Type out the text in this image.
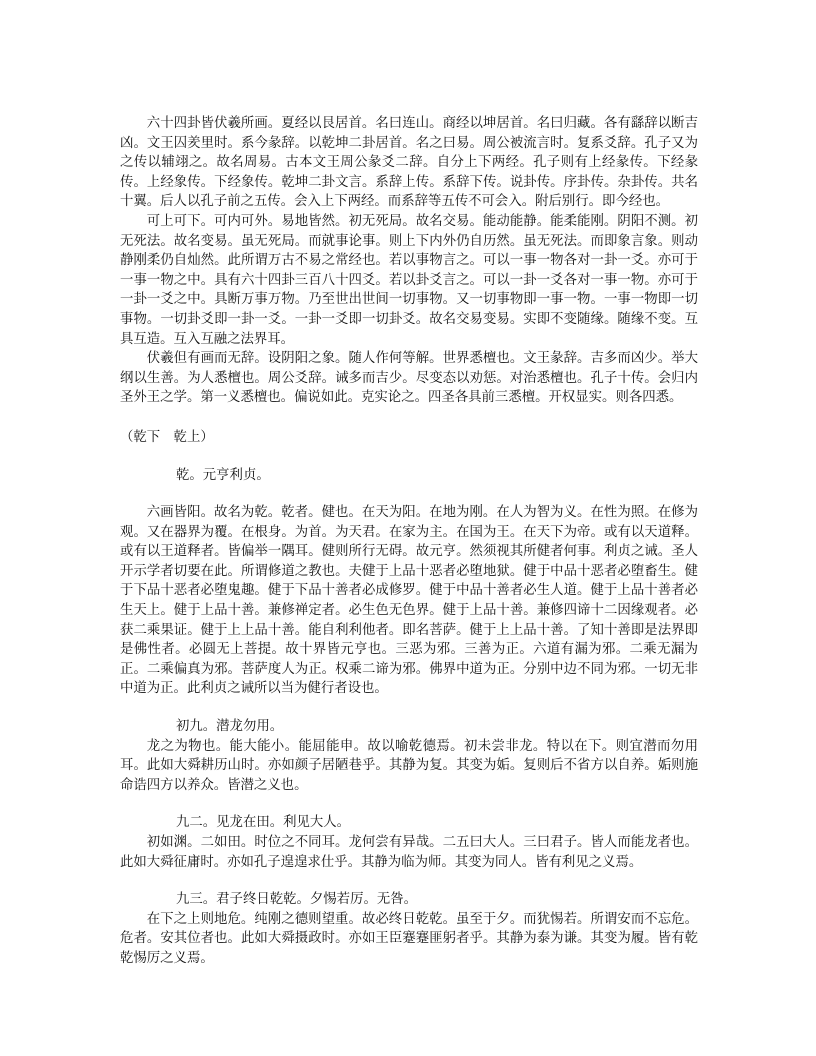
六十四卦皆伏羲所画。夏经以艮居首。名曰连山。商经以坤居首。名曰归藏。各有繇辞以断吉凶。文王囚羑里时。系今彖辞。以乾坤二卦居首。名之曰易。周公被流言时。复系爻辞。孔子又为之传以辅翊之。故名周易。古本文王周公彖爻二辞。自分上下两经。孔子则有上经彖传。下经彖传。上经象传。下经象传。乾坤二卦文言。系辞上传。系辞下传。说卦传。序卦传。杂卦传。共名十翼。后人以孔子前之五传。会入上下两经。而系辞等五传不可会入。附后别行。即今经也。

可上可下。可内可外。易地皆然。初无死局。故名交易。能动能静。能柔能刚。阴阳不测。初无死法。故名变易。虽无死局。而就事论事。则上下内外仍自历然。虽无死法。而即象言象。则动静刚柔仍自灿然。此所谓万古不易之常经也。若以事物言之。可以一事一物各对一卦一爻。亦可于一事一物之中。具有六十四卦三百八十四爻。若以卦爻言之。可以一卦一爻各对一事一物。亦可于一卦一爻之中。具断万事万物。乃至世出世间一切事物。又一切事物即一事一物。一事一物即一切事物。一切卦爻即一卦一爻。一卦一爻即一切卦爻。故名交易变易。实即不变随缘。随缘不变。互具互造。互入互融之法界耳。

伏羲但有画而无辞。设阴阳之象。随人作何等解。世界悉檀也。文王彖辞。吉多而凶少。举大纲以生善。为人悉檀也。周公爻辞。诫多而吉少。尽变态以劝惩。对治悉檀也。孔子十传。会归内圣外王之学。第一义悉檀也。偏说如此。克实论之。四圣各具前三悉檀。开权显实。则各四悉。

（乾下　乾上）

乾。元亨利贞。

六画皆阳。故名为乾。乾者。健也。在天为阳。在地为刚。在人为智为义。在性为照。在修为观。又在器界为覆。在根身。为首。为天君。在家为主。在国为王。在天下为帝。或有以天道释。或有以王道释者。皆偏举一隅耳。健则所行无碍。故元亨。然须视其所健者何事。利贞之诫。圣人开示学者切要在此。所谓修道之教也。夫健于上品十恶者必堕地狱。健于中品十恶者必堕畜生。健于下品十恶者必堕鬼趣。健于下品十善者必成修罗。健于中品十善者必生人道。健于上品十善者必生天上。健于上品十善。兼修禅定者。必生色无色界。健于上品十善。兼修四谛十二因缘观者。必获二乘果证。健于上上品十善。能自利利他者。即名菩萨。健于上上品十善。了知十善即是法界即是佛性者。必圆无上菩提。故十界皆元亨也。三恶为邪。三善为正。六道有漏为邪。二乘无漏为正。二乘偏真为邪。菩萨度人为正。权乘二谛为邪。佛界中道为正。分别中边不同为邪。一切无非中道为正。此利贞之诫所以当为健行者设也。

初九。潜龙勿用。

龙之为物也。能大能小。能屈能申。故以喻乾德焉。初未尝非龙。特以在下。则宜潜而勿用耳。此如大舜耕历山时。亦如颜子居陋巷乎。其静为复。其变为姤。复则后不省方以自养。姤则施命诰四方以养众。皆潜之义也。

九二。见龙在田。利见大人。

初如渊。二如田。时位之不同耳。龙何尝有异哉。二五曰大人。三曰君子。皆人而能龙者也。此如大舜征庸时。亦如孔子遑遑求仕乎。其静为临为师。其变为同人。皆有利见之义焉。

九三。君子终日乾乾。夕惕若厉。无咎。

在下之上则地危。纯刚之德则望重。故必终日乾乾。虽至于夕。而犹惕若。所谓安而不忘危。危者。安其位者也。此如大舜摄政时。亦如王臣蹇蹇匪躬者乎。其静为泰为谦。其变为履。皆有乾乾惕厉之义焉。
